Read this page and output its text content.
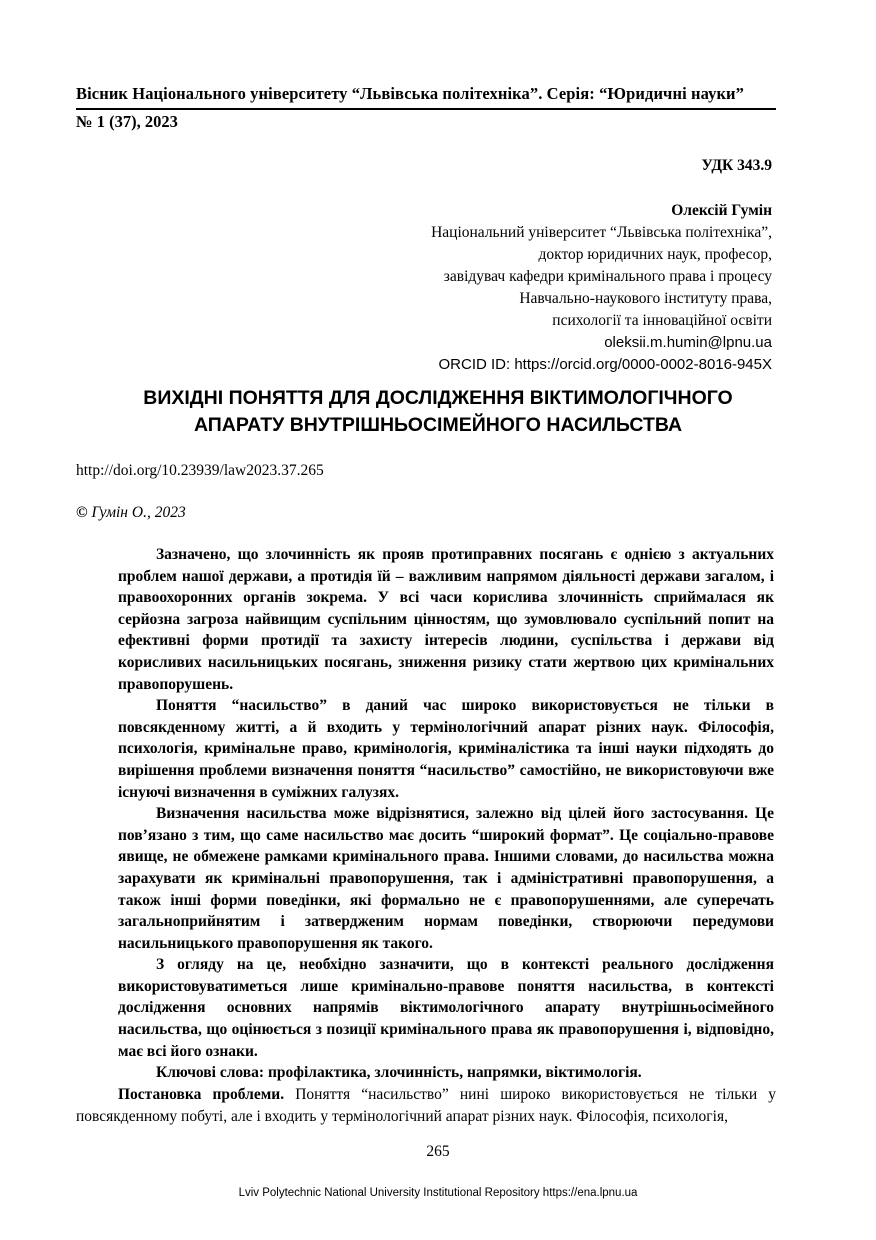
Вісник Національного університету “Львівська політехніка”. Серія: “Юридичні науки”
№ 1 (37), 2023
УДК 343.9
Олексій Гумін
Національний університет “Львівська політехніка”,
доктор юридичних наук, професор,
завідувач кафедри кримінального права і процесу
Навчально-наукового інституту права,
психології та інноваційної освіти
oleksii.m.humin@lpnu.ua
ORCID ID: https://orcid.org/0000-0002-8016-945X
ВИХІДНІ ПОНЯТТЯ ДЛЯ ДОСЛІДЖЕННЯ ВІКТИМОЛОГІЧНОГО
АПАРАТУ ВНУТРІШНЬОСІМЕЙНОГО НАСИЛЬСТВА
http://doi.org/10.23939/law2023.37.265
© Гумін О., 2023

Зазначено, що злочинність як прояв протиправних посягань є однією з актуальних проблем нашої держави, а протидія їй – важливим напрямом діяльності держави загалом, і правоохоронних органів зокрема. У всі часи корислива злочинність сприймалася як серйозна загроза найвищим суспільним цінностям, що зумовлювало суспільний попит на ефективні форми протидії та захисту інтересів людини, суспільства і держави від корисливих насильницьких посягань, зниження ризику стати жертвою цих кримінальних правопорушень.

Поняття “насильство” в даний час широко використовується не тільки в повсякденному житті, а й входить у термінологічний апарат різних наук. Філософія, психологія, кримінальне право, кримінологія, криміналістика та інші науки підходять до вирішення проблеми визначення поняття “насильство” самостійно, не використовуючи вже існуючі визначення в суміжних галузях.

Визначення насильства може відрізнятися, залежно від цілей його застосування. Це пов’язано з тим, що саме насильство має досить “широкий формат”. Це соціально-правове явище, не обмежене рамками кримінального права. Іншими словами, до насильства можна зарахувати як кримінальні правопорушення, так і адміністративні правопорушення, а також інші форми поведінки, які формально не є правопорушеннями, але суперечать загальноприйнятим і затвердженим нормам поведінки, створюючи передумови насильницького правопорушення як такого.

З огляду на це, необхідно зазначити, що в контексті реального дослідження використовуватиметься лише кримінально-правове поняття насильства, в контексті дослідження основних напрямів віктимологічного апарату внутрішньосімейного насильства, що оцінюється з позиції кримінального права як правопорушення і, відповідно, має всі його ознаки.

Ключові слова: профілактика, злочинність, напрямки, віктимологія.

Постановка проблеми. Поняття “насильство” нині широко використовується не тільки у повсякденному побуті, але і входить у термінологічний апарат різних наук. Філософія, психологія,

265
Lviv Polytechnic National University Institutional Repository https://ena.lpnu.ua
